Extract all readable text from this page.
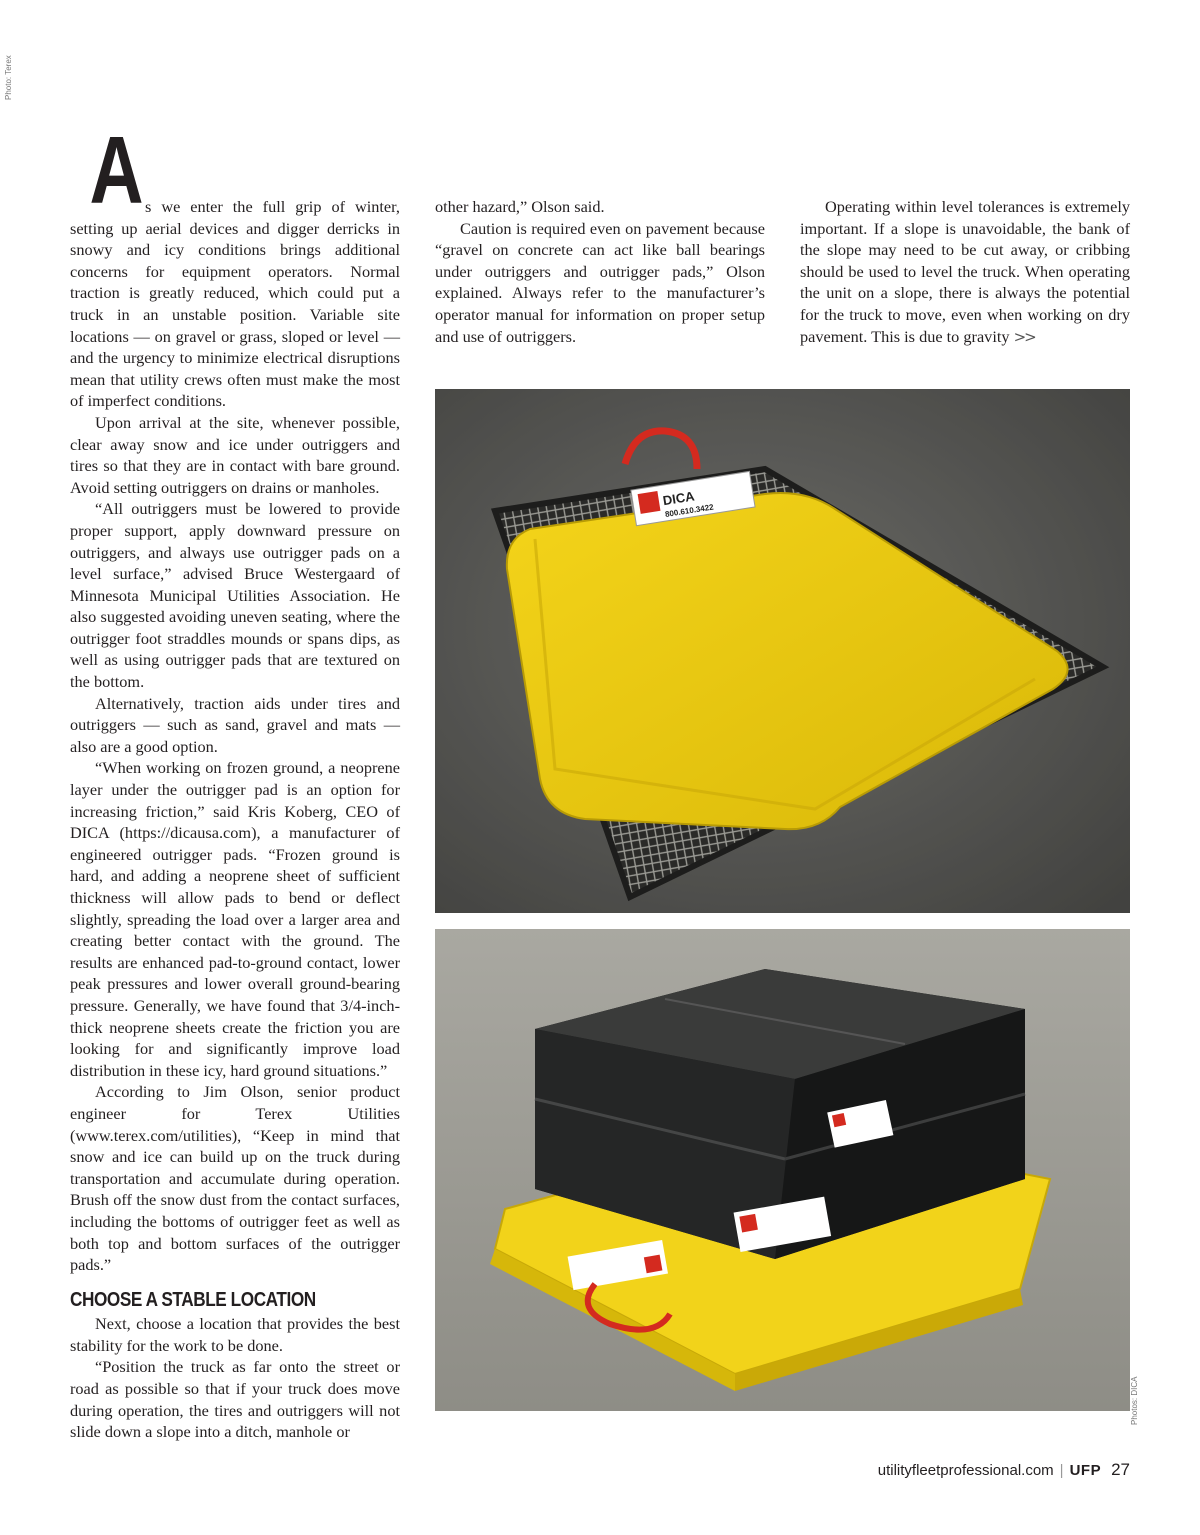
Photo: Terex

As we enter the full grip of winter, setting up aerial devices and digger derricks in snowy and icy conditions brings additional concerns for equipment operators. Normal traction is greatly reduced, which could put a truck in an unstable position. Variable site locations — on gravel or grass, sloped or level — and the urgency to minimize electrical disruptions mean that utility crews often must make the most of imperfect conditions.

Upon arrival at the site, whenever possible, clear away snow and ice under outriggers and tires so that they are in contact with bare ground. Avoid setting outriggers on drains or manholes.

“All outriggers must be lowered to provide proper support, apply downward pressure on outriggers, and always use outrigger pads on a level surface,” advised Bruce Westergaard of Minnesota Municipal Utilities Association. He also suggested avoiding uneven seating, where the outrigger foot straddles mounds or spans dips, as well as using outrigger pads that are textured on the bottom.

Alternatively, traction aids under tires and outriggers — such as sand, gravel and mats — also are a good option.

“When working on frozen ground, a neoprene layer under the outrigger pad is an option for increasing friction,” said Kris Koberg, CEO of DICA (https://dicausa.com), a manufacturer of engineered outrigger pads. “Frozen ground is hard, and adding a neoprene sheet of sufficient thickness will allow pads to bend or deflect slightly, spreading the load over a larger area and creating better contact with the ground. The results are enhanced pad-to-ground contact, lower peak pressures and lower overall ground-bearing pressure. Generally, we have found that 3/4-inch-thick neoprene sheets create the friction you are looking for and significantly improve load distribution in these icy, hard ground situations.”

According to Jim Olson, senior product engineer for Terex Utilities (www.terex.com/utilities), “Keep in mind that snow and ice can build up on the truck during transportation and accumulate during operation. Brush off the snow dust from the contact surfaces, including the bottoms of outrigger feet as well as both top and bottom surfaces of the outrigger pads.”

CHOOSE A STABLE LOCATION

Next, choose a location that provides the best stability for the work to be done.

“Position the truck as far onto the street or road as possible so that if your truck does move during operation, the tires and outriggers will not slide down a slope into a ditch, manhole or

other hazard,” Olson said.

Caution is required even on pavement because “gravel on concrete can act like ball bearings under outriggers and outrigger pads,” Olson explained. Always refer to the manufacturer’s operator manual for information on proper setup and use of outriggers.

Operating within level tolerances is extremely important. If a slope is unavoidable, the bank of the slope may need to be cut away, or cribbing should be used to level the truck. When operating the unit on a slope, there is always the potential for the truck to move, even when working on dry pavement. This is due to gravity >>

DICA
800.610.3422
Photos: DICA
utilityfleetprofessional.com | UFP 27
